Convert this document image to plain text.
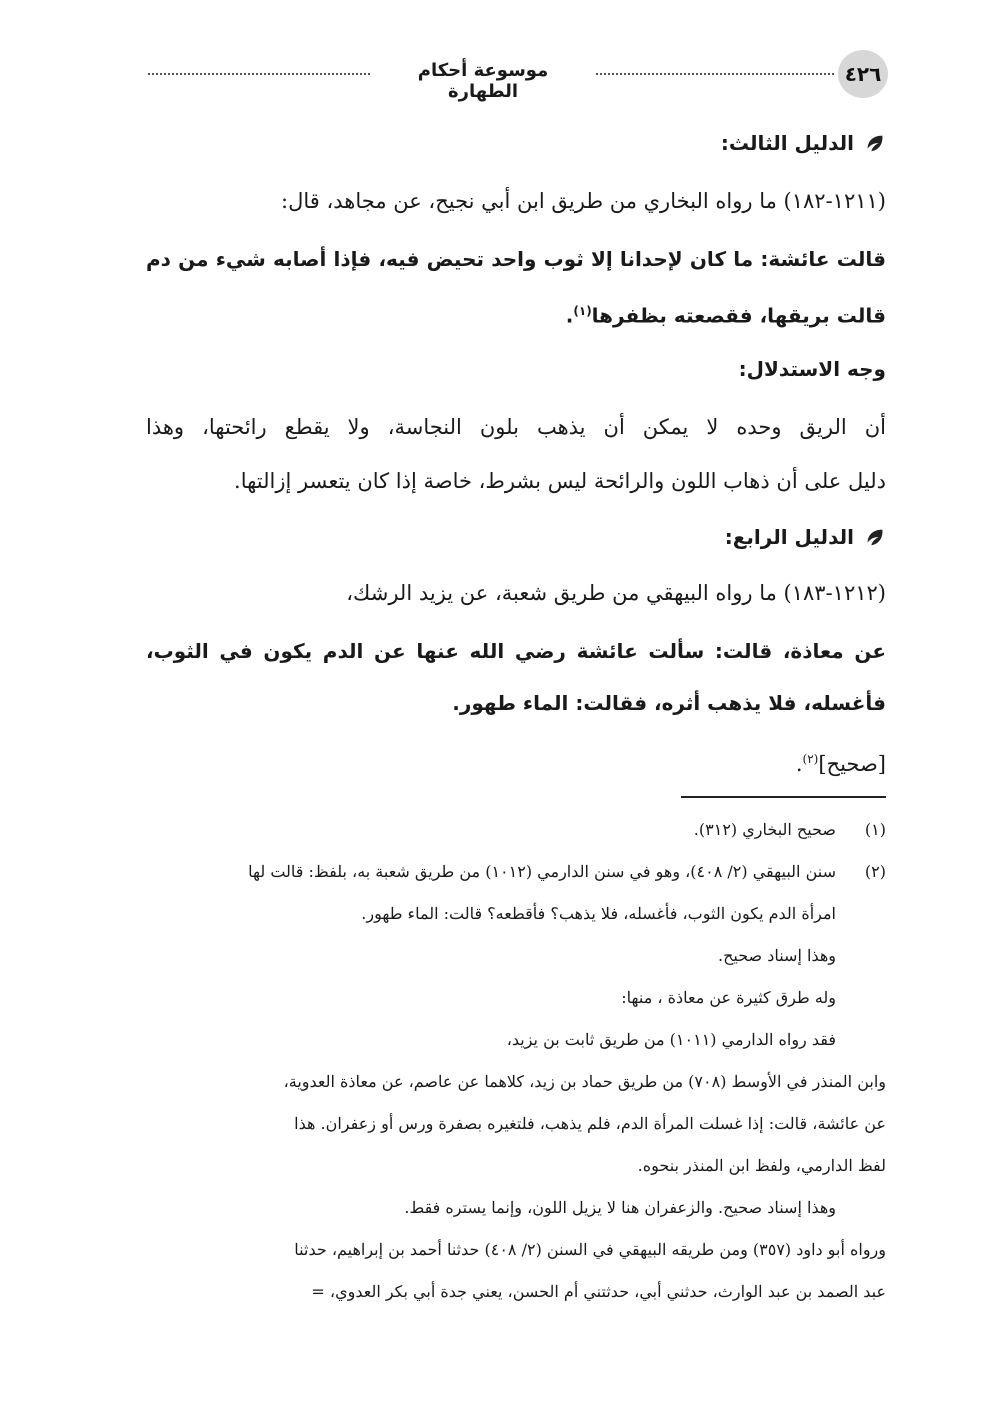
موسوعة أحكام الطهارة
٤٢٦
الدليل الثالث:
(١٢١١-١٨٢) ما رواه البخاري من طريق ابن أبي نجيح، عن مجاهد، قال:
قالت عائشة: ما كان لإحدانا إلا ثوب واحد تحيض فيه، فإذا أصابه شيء من دم
قالت بريقها، فقصعته بظفرها$^{(١)}$.
وجه الاستدلال:
أن الريق وحده لا يمكن أن يذهب بلون النجاسة، ولا يقطع رائحتها، وهذا
دليل على أن ذهاب اللون والرائحة ليس بشرط، خاصة إذا كان يتعسر إزالتها.
الدليل الرابع:
(١٢١٢-١٨٣) ما رواه البيهقي من طريق شعبة، عن يزيد الرشك،
عن معاذة، قالت: سألت عائشة رضي الله عنها عن الدم يكون في الثوب،
فأغسله، فلا يذهب أثره، فقالت: الماء طهور.
[صحيح]$^{(٢)}$.
(١)
صحيح البخاري (٣١٢).
(٢)
سنن البيهقي (٢/ ٤٠٨)، وهو في سنن الدارمي (١٠١٢) من طريق شعبة به، بلفظ: قالت لها
امرأة الدم يكون الثوب، فأغسله، فلا يذهب؟ فأقطعه؟ قالت: الماء طهور.
وهذا إسناد صحيح.
وله طرق كثيرة عن معاذة ، منها:
فقد رواه الدارمي (١٠١١) من طريق ثابت بن يزيد،
وابن المنذر في الأوسط (٧٠٨) من طريق حماد بن زيد، كلاهما عن عاصم، عن معاذة العدوية،
عن عائشة، قالت: إذا غسلت المرأة الدم، فلم يذهب، فلتغيره بصفرة ورس أو زعفران. هذا
لفظ الدارمي، ولفظ ابن المنذر بنحوه.
وهذا إسناد صحيح. والزعفران هنا لا يزيل اللون، وإنما يستره فقط.
ورواه أبو داود (٣٥٧) ومن طريقه البيهقي في السنن (٢/ ٤٠٨) حدثنا أحمد بن إبراهيم، حدثنا
عبد الصمد بن عبد الوارث، حدثني أبي، حدثتني أم الحسن، يعني جدة أبي بكر العدوي، =
